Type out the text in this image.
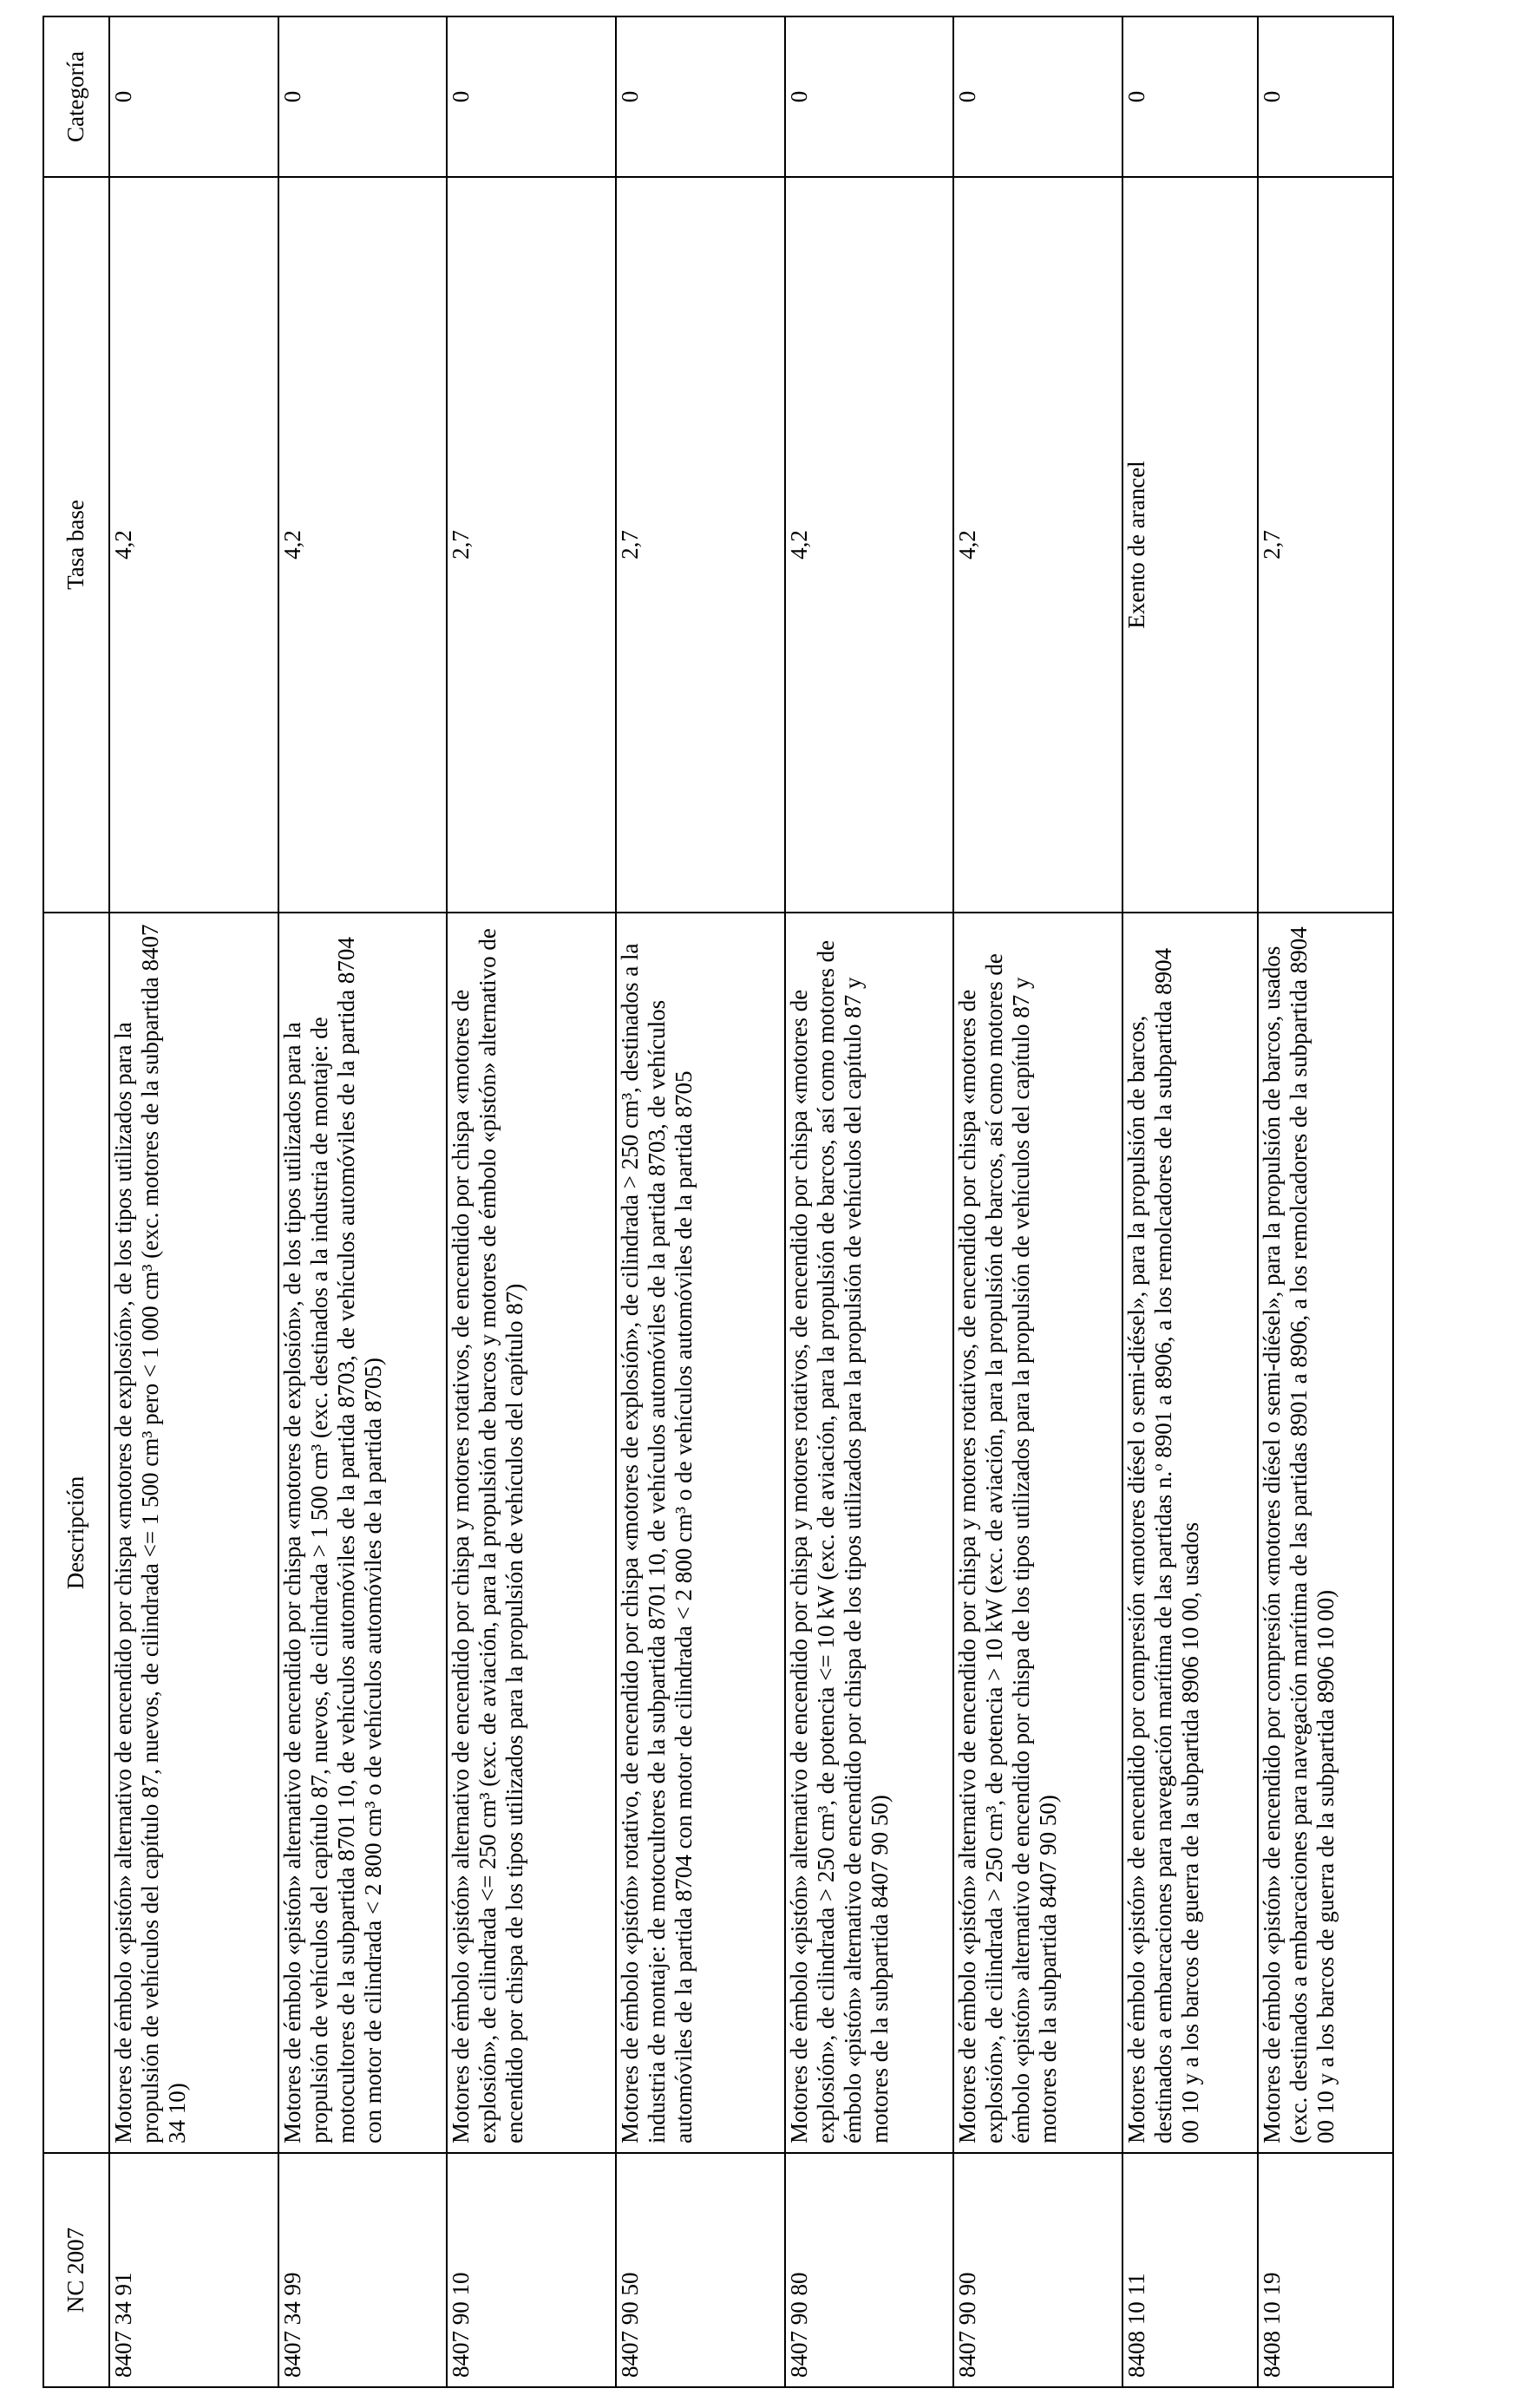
NC 2007	Descripción	Tasa base	Categoría
8407 34 91	Motores de émbolo «pistón» alternativo de encendido por chispa «motores de explosión», de los tipos utilizados para la propulsión de vehículos del capítulo 87, nuevos, de cilindrada <= 1 500 cm³ pero < 1 000 cm³ (exc. motores de la subpartida 8407 34 10)	4,2	0
8407 34 99	Motores de émbolo «pistón» alternativo de encendido por chispa «motores de explosión», de los tipos utilizados para la propulsión de vehículos del capítulo 87, nuevos, de cilindrada > 1 500 cm³ (exc. destinados a la industria de montaje: de motocultores de la subpartida 8701 10, de vehículos automóviles de la partida 8703, de vehículos automóviles de la partida 8704 con motor de cilindrada < 2 800 cm³ o de vehículos automóviles de la partida 8705)	4,2	0
8407 90 10	Motores de émbolo «pistón» alternativo de encendido por chispa y motores rotativos, de encendido por chispa «motores de explosión», de cilindrada <= 250 cm³ (exc. de aviación, para la propulsión de barcos y motores de émbolo «pistón» alternativo de encendido por chispa de los tipos utilizados para la propulsión de vehículos del capítulo 87)	2,7	0
8407 90 50	Motores de émbolo «pistón» rotativo, de encendido por chispa «motores de explosión», de cilindrada > 250 cm³, destinados a la industria de montaje: de motocultores de la subpartida 8701 10, de vehículos automóviles de la partida 8703, de vehículos automóviles de la partida 8704 con motor de cilindrada < 2 800 cm³ o de vehículos automóviles de la partida 8705	2,7	0
8407 90 80	Motores de émbolo «pistón» alternativo de encendido por chispa y motores rotativos, de encendido por chispa «motores de explosión», de cilindrada > 250 cm³, de potencia <= 10 kW (exc. de aviación, para la propulsión de barcos, así como motores de émbolo «pistón» alternativo de encendido por chispa de los tipos utilizados para la propulsión de vehículos del capítulo 87 y motores de la subpartida 8407 90 50)	4,2	0
8407 90 90	Motores de émbolo «pistón» alternativo de encendido por chispa y motores rotativos, de encendido por chispa «motores de explosión», de cilindrada > 250 cm³, de potencia > 10 kW (exc. de aviación, para la propulsión de barcos, así como motores de émbolo «pistón» alternativo de encendido por chispa de los tipos utilizados para la propulsión de vehículos del capítulo 87 y motores de la subpartida 8407 90 50)	4,2	0
8408 10 11	Motores de émbolo «pistón» de encendido por compresión «motores diésel o semi-diésel», para la propulsión de barcos, destinados a embarcaciones para navegación marítima de las partidas n.º 8901 a 8906, a los remolcadores de la subpartida 8904 00 10 y a los barcos de guerra de la subpartida 8906 10 00, usados	Exento de arancel	0
8408 10 19	Motores de émbolo «pistón» de encendido por compresión «motores diésel o semi-diésel», para la propulsión de barcos, usados (exc. destinados a embarcaciones para navegación marítima de las partidas 8901 a 8906, a los remolcadores de la subpartida 8904 00 10 y a los barcos de guerra de la subpartida 8906 10 00)	2,7	0
